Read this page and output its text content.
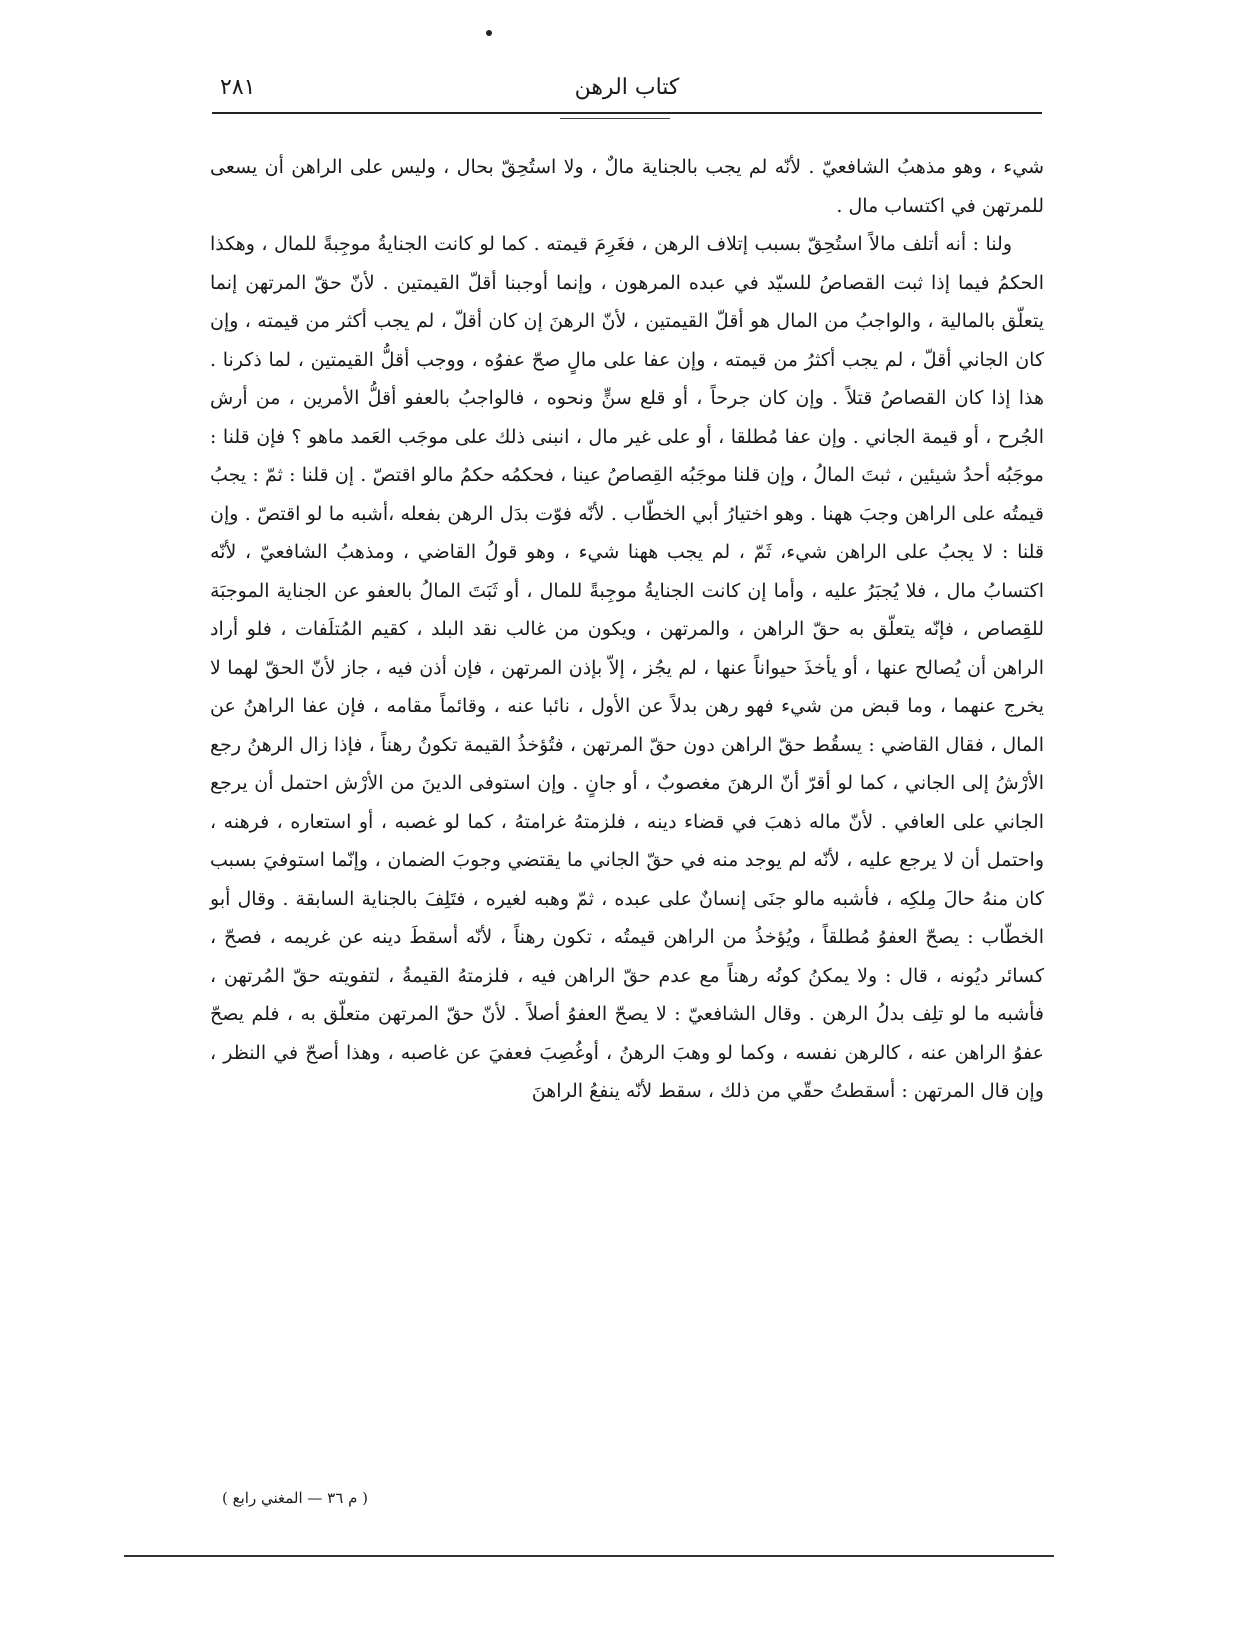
كتاب الرهن
٢٨١

شيء ، وهو مذهبُ الشافعيّ . لأنّه لم يجب بالجناية مالٌ ، ولا استُحِقّ بحال ، وليس على الراهن أن يسعى للمرتهن في اكتساب مال .

ولنا : أنه أتلف مالاً استُحِقّ بسبب إتلاف الرهن ، فغَرِمَ قيمته . كما لو كانت الجنايةُ موجِبةً للمال ، وهكذا الحكمُ فيما إذا ثبت القصاصُ للسيّد في عبده المرهون ، وإنما أوجبنا أقلّ القيمتين . لأنّ حقّ المرتهن إنما يتعلّق بالمالية ، والواجبُ من المال هو أقلّ القيمتين ، لأنّ الرهنَ إن كان أقلّ ، لم يجب أكثر من قيمته ، وإن كان الجاني أقلّ ، لم يجب أكثرُ من قيمته ، وإن عفا على مالٍ صحّ عفوُه ، ووجب أقلُّ القيمتين ، لما ذكرنا . هذا إذا كان القصاصُ قتلاً . وإن كان جرحاً ، أو قلع سنٍّ ونحوه ، فالواجبُ بالعفو أقلُّ الأمرين ، من أرش الجُرح ، أو قيمة الجاني . وإن عفا مُطلقا ، أو على غير مال ، انبنى ذلك على موجَب العَمد ماهو ؟ فإن قلنا : موجَبُه أحدُ شيئين ، ثبتَ المالُ ، وإن قلنا موجَبُه القِصاصُ عينا ، فحكمُه حكمُ مالو اقتصّ . إن قلنا : ثمّ : يجبُ قيمتُه على الراهن وجبَ ههنا . وهو اختيارُ أبي الخطّاب . لأنّه فوّت بدَل الرهن بفعله ،أشبه ما لو اقتصّ . وإن قلنا : لا يجبُ على الراهن شيء، ثَمّ ، لم يجب ههنا شيء ، وهو قولُ القاضي ، ومذهبُ الشافعيّ ، لأنّه اكتسابُ مال ، فلا يُجبَرُ عليه ، وأما إن كانت الجنايةُ موجِبةً للمال ، أو ثَبَتَ المالُ بالعفو عن الجناية الموجبَة للقِصاص ، فإنّه يتعلّق به حقّ الراهن ، والمرتهن ، ويكون من غالب نقد البلد ، كقيم المُتلَفات ، فلو أراد الراهن أن يُصالح عنها ، أو يأخذَ حيواناً عنها ، لم يجُز ، إلاّ بإذن المرتهن ، فإن أذن فيه ، جاز لأنّ الحقّ لهما لا يخرج عنهما ، وما قبض من شيء فهو رهن بدلاً عن الأول ، نائبا عنه ، وقائماً مقامه ، فإن عفا الراهنُ عن المال ، فقال القاضي : يسقُط حقّ الراهن دون حقّ المرتهن ، فتُؤخذُ القيمة تكونُ رهناً ، فإذا زال الرهنُ رجع الأرْشُ إلى الجاني ، كما لو أقرّ أنّ الرهنَ مغصوبٌ ، أو جانٍ . وإن استوفى الدينَ من الأرْش احتمل أن يرجع الجاني على العافي . لأنّ ماله ذهبَ في قضاء دينه ، فلزمتهُ غرامتهُ ، كما لو غصبه ، أو استعاره ، فرهنه ، واحتمل أن لا يرجع عليه ، لأنّه لم يوجد منه في حقّ الجاني ما يقتضي وجوبَ الضمان ، وإنّما استوفيَ بسبب كان منهُ حالَ مِلكِه ، فأشبه مالو جنَى إنسانٌ على عبده ، ثمّ وهبه لغيره ، فتَلِفَ بالجناية السابقة . وقال أبو الخطّاب : يصحّ العفوُ مُطلقاً ، ويُؤخذُ من الراهن قيمتُه ، تكون رهناً ، لأنّه أسقطَ دينه عن غريمه ، فصحّ ، كسائر ديُونه ، قال : ولا يمكنُ كونُه رهناً مع عدم حقّ الراهن فيه ، فلزمتهُ القيمةُ ، لتفويته حقّ المُرتهن ، فأشبه ما لو تلِف بدلُ الرهن . وقال الشافعيّ : لا يصحّ العفوُ أصلاً . لأنّ حقّ المرتهن متعلّق به ، فلم يصحّ عفوُ الراهن عنه ، كالرهن نفسه ، وكما لو وهبَ الرهنُ ، أوغُصِبَ فعفيَ عن غاصبه ، وهذا أصحّ في النظر ، وإن قال المرتهن : أسقطتُ حقّي من ذلك ، سقط لأنّه ينفعُ الراهنَ

( م ٣٦ — المغني رابع )
